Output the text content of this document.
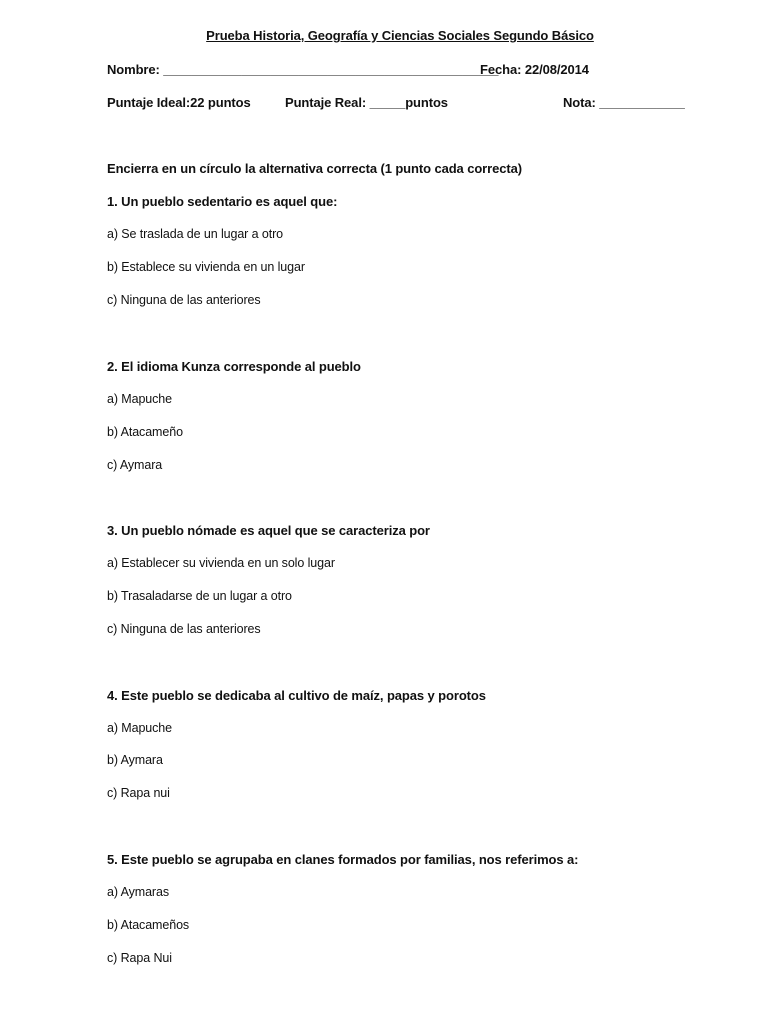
Prueba Historia, Geografía y Ciencias Sociales Segundo Básico
Nombre: _______________________________________________
Fecha: 22/08/2014
Puntaje Ideal:22 puntos	Puntaje Real: _____puntos	Nota: ____________
Encierra en un círculo la alternativa correcta (1 punto cada correcta)
1. Un pueblo sedentario es aquel que:
a) Se traslada de un lugar a otro
b) Establece su vivienda en un lugar
c) Ninguna de las anteriores
2. El idioma Kunza corresponde al pueblo
a) Mapuche
b) Atacameño
c) Aymara
3. Un pueblo nómade es aquel que se caracteriza por
a) Establecer su vivienda en un solo lugar
b) Trasaladarse de un lugar a otro
c) Ninguna de las anteriores
4. Este pueblo se dedicaba al cultivo de maíz, papas y porotos
a) Mapuche
b) Aymara
c) Rapa nui
5. Este pueblo se agrupaba en clanes formados por familias, nos referimos a:
a) Aymaras
b) Atacameños
c) Rapa Nui
